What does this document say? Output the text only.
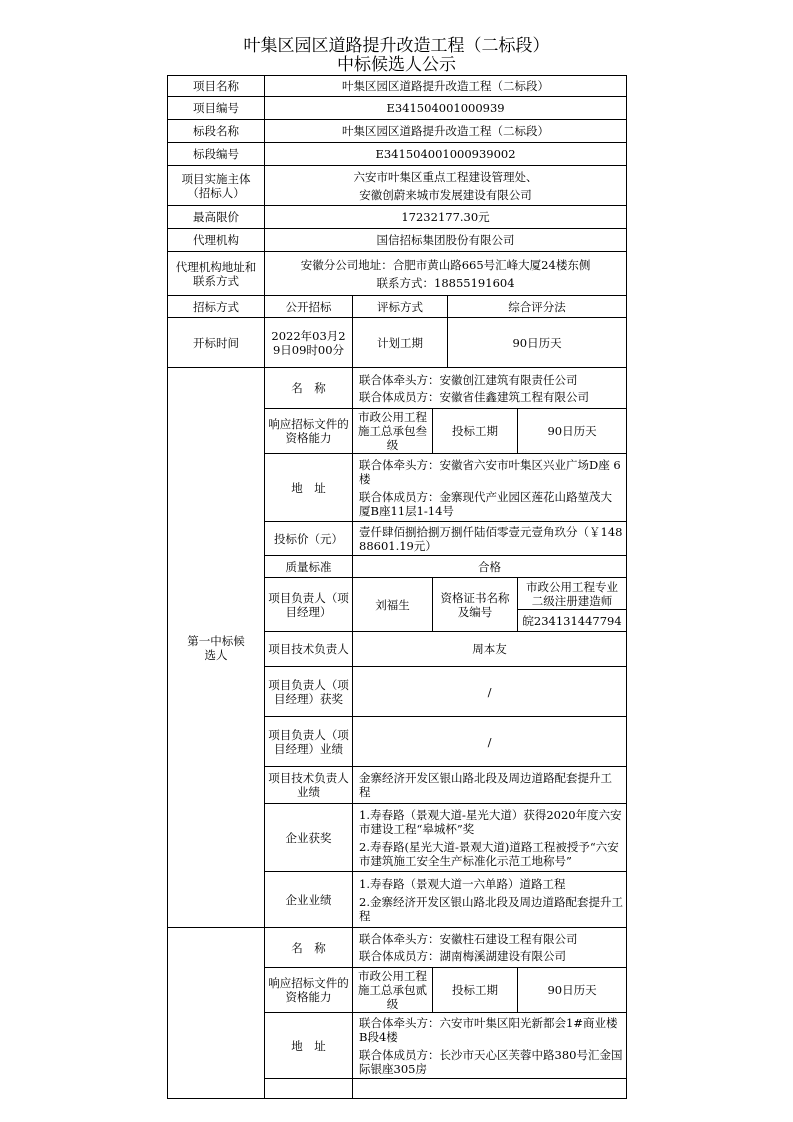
叶集区园区道路提升改造工程（二标段）
中标候选人公示
项目名称	叶集区园区道路提升改造工程（二标段）				
项目编号	E341504001000939				
标段名称	叶集区园区道路提升改造工程（二标段）				
标段编号	E341504001000939002				
项目实施主体（招标人）	六安市叶集区重点工程建设管理处、
安徽创蔚来城市发展建设有限公司				

最高限价	17232177.30元				
代理机构	国信招标集团股份有限公司				
代理机构地址和联系方式	安徽分公司地址：合肥市黄山路665号汇峰大厦24楼东侧
联系方式：18855191604				

招标方式	公开招标	评标方式		综合评分法	
开标时间	2022年03月29日09时00分	计划工期		90日历天	
第一中标候选人	名　称	联合体牵头方：安徽创江建筑有限责任公司
联合体成员方：安徽省佳鑫建筑工程有限公司			

	响应招标文件的资格能力	市政公用工程施工总承包叁级	投标工期		90日历天
	地　址	联合体牵头方：安徽省六安市叶集区兴业广场D座 6楼
联合体成员方：金寨现代产业园区莲花山路堃茂大厦B座11层1-14号			

	投标价（元）	壹仟肆佰捌拾捌万捌仟陆佰零壹元壹角玖分（￥14888601.19元）			
	质量标准	合格			
	项目负责人（项目经理）	刘福生	资格证书名称及编号		市政公用工程专业二级注册建造师
					皖234131447794
	项目技术负责人	周本友			
	项目负责人（项目经理）获奖	/			
	项目负责人（项目经理）业绩	/			
	项目技术负责人业绩	金寨经济开发区银山路北段及周边道路配套提升工程			
	企业获奖	1.寿春路（景观大道-星光大道）获得2020年度六安市建设工程“皋城杯”奖
2.寿春路(星光大道-景观大道)道路工程被授予“六安市建筑施工安全生产标准化示范工地称号”			

	企业业绩	1.寿春路（景观大道一六单路）道路工程
2.金寨经济开发区银山路北段及周边道路配套提升工程			

	名　称	联合体牵头方：安徽柱石建设工程有限公司
联合体成员方：湖南梅溪湖建设有限公司			

	响应招标文件的资格能力	市政公用工程施工总承包贰级	投标工期		90日历天
	地　址	联合体牵头方：六安市叶集区阳光新都会1#商业楼B段4楼
联合体成员方：长沙市天心区芙蓉中路380号汇金国际银座305房			
